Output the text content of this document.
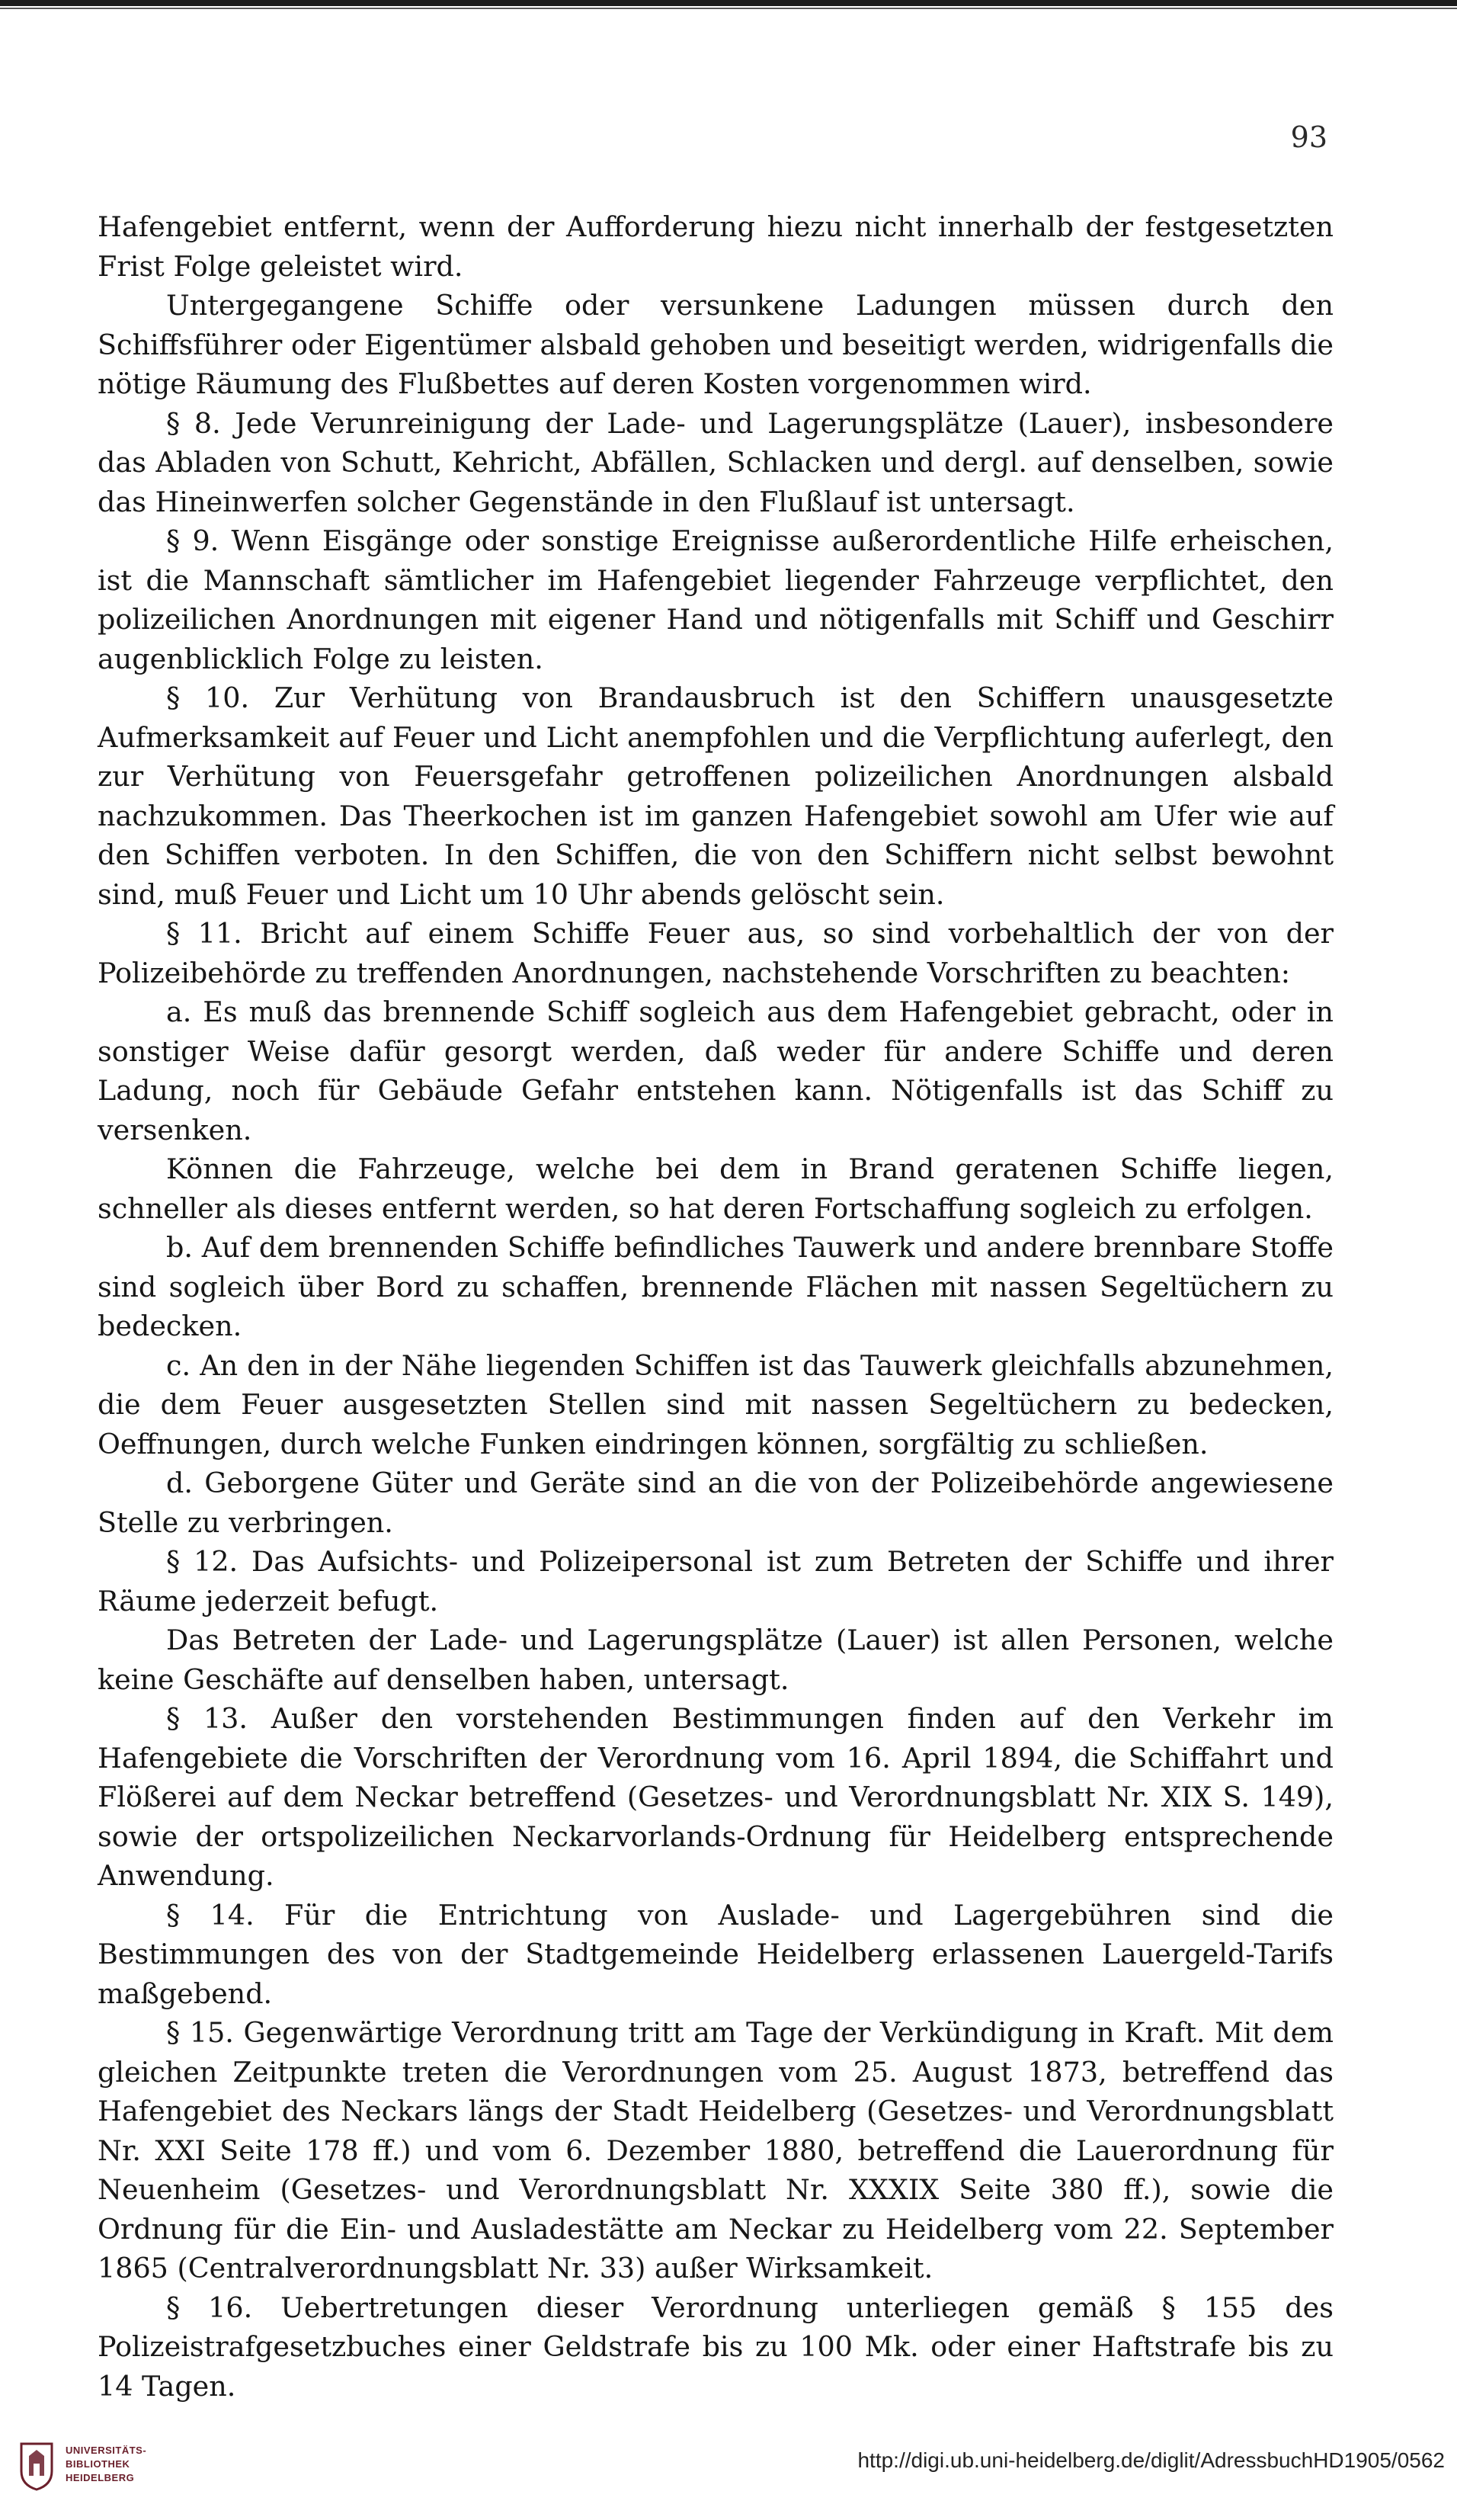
93

Hafengebiet entfernt, wenn der Aufforderung hiezu nicht innerhalb der festgesetzten Frist Folge geleistet wird.

Untergegangene Schiffe oder versunkene Ladungen müssen durch den Schiffsführer oder Eigentümer alsbald gehoben und beseitigt werden, widrigenfalls die nötige Räumung des Flußbettes auf deren Kosten vorgenommen wird.

§ 8. Jede Verunreinigung der Lade- und Lagerungsplätze (Lauer), insbesondere das Abladen von Schutt, Kehricht, Abfällen, Schlacken und dergl. auf denselben, sowie das Hineinwerfen solcher Gegenstände in den Flußlauf ist untersagt.

§ 9. Wenn Eisgänge oder sonstige Ereignisse außerordentliche Hilfe erheischen, ist die Mannschaft sämtlicher im Hafengebiet liegender Fahrzeuge verpflichtet, den polizeilichen Anordnungen mit eigener Hand und nötigenfalls mit Schiff und Geschirr augenblicklich Folge zu leisten.

§ 10. Zur Verhütung von Brandausbruch ist den Schiffern unausgesetzte Aufmerksamkeit auf Feuer und Licht anempfohlen und die Verpflichtung auferlegt, den zur Verhütung von Feuersgefahr getroffenen polizeilichen Anordnungen alsbald nachzukommen. Das Theerkochen ist im ganzen Hafengebiet sowohl am Ufer wie auf den Schiffen verboten. In den Schiffen, die von den Schiffern nicht selbst bewohnt sind, muß Feuer und Licht um 10 Uhr abends gelöscht sein.

§ 11. Bricht auf einem Schiffe Feuer aus, so sind vorbehaltlich der von der Polizeibehörde zu treffenden Anordnungen, nachstehende Vorschriften zu beachten:

a. Es muß das brennende Schiff sogleich aus dem Hafengebiet gebracht, oder in sonstiger Weise dafür gesorgt werden, daß weder für andere Schiffe und deren Ladung, noch für Gebäude Gefahr entstehen kann. Nötigenfalls ist das Schiff zu versenken.

Können die Fahrzeuge, welche bei dem in Brand geratenen Schiffe liegen, schneller als dieses entfernt werden, so hat deren Fortschaffung sogleich zu erfolgen.

b. Auf dem brennenden Schiffe befindliches Tauwerk und andere brennbare Stoffe sind sogleich über Bord zu schaffen, brennende Flächen mit nassen Segeltüchern zu bedecken.

c. An den in der Nähe liegenden Schiffen ist das Tauwerk gleichfalls abzunehmen, die dem Feuer ausgesetzten Stellen sind mit nassen Segeltüchern zu bedecken, Oeffnungen, durch welche Funken eindringen können, sorgfältig zu schließen.

d. Geborgene Güter und Geräte sind an die von der Polizeibehörde angewiesene Stelle zu verbringen.

§ 12. Das Aufsichts- und Polizeipersonal ist zum Betreten der Schiffe und ihrer Räume jederzeit befugt.

Das Betreten der Lade- und Lagerungsplätze (Lauer) ist allen Personen, welche keine Geschäfte auf denselben haben, untersagt.

§ 13. Außer den vorstehenden Bestimmungen finden auf den Verkehr im Hafengebiete die Vorschriften der Verordnung vom 16. April 1894, die Schiffahrt und Flößerei auf dem Neckar betreffend (Gesetzes- und Verordnungsblatt Nr. XIX S. 149), sowie der ortspolizeilichen Neckarvorlands-Ordnung für Heidelberg entsprechende Anwendung.

§ 14. Für die Entrichtung von Auslade- und Lagergebühren sind die Bestimmungen des von der Stadtgemeinde Heidelberg erlassenen Lauergeld-Tarifs maßgebend.

§ 15. Gegenwärtige Verordnung tritt am Tage der Verkündigung in Kraft. Mit dem gleichen Zeitpunkte treten die Verordnungen vom 25. August 1873, betreffend das Hafengebiet des Neckars längs der Stadt Heidelberg (Gesetzes- und Verordnungsblatt Nr. XXI Seite 178 ff.) und vom 6. Dezember 1880, betreffend die Lauerordnung für Neuenheim (Gesetzes- und Verordnungsblatt Nr. XXXIX Seite 380 ff.), sowie die Ordnung für die Ein- und Ausladestätte am Neckar zu Heidelberg vom 22. September 1865 (Centralverordnungsblatt Nr. 33) außer Wirksamkeit.

§ 16. Uebertretungen dieser Verordnung unterliegen gemäß § 155 des Polizeistrafgesetzbuches einer Geldstrafe bis zu 100 Mk. oder einer Haftstrafe bis zu 14 Tagen.

UNIVERSITÄTS-
BIBLIOTHEK
HEIDELBERG
http://digi.ub.uni-heidelberg.de/diglit/AdressbuchHD1905/0562
